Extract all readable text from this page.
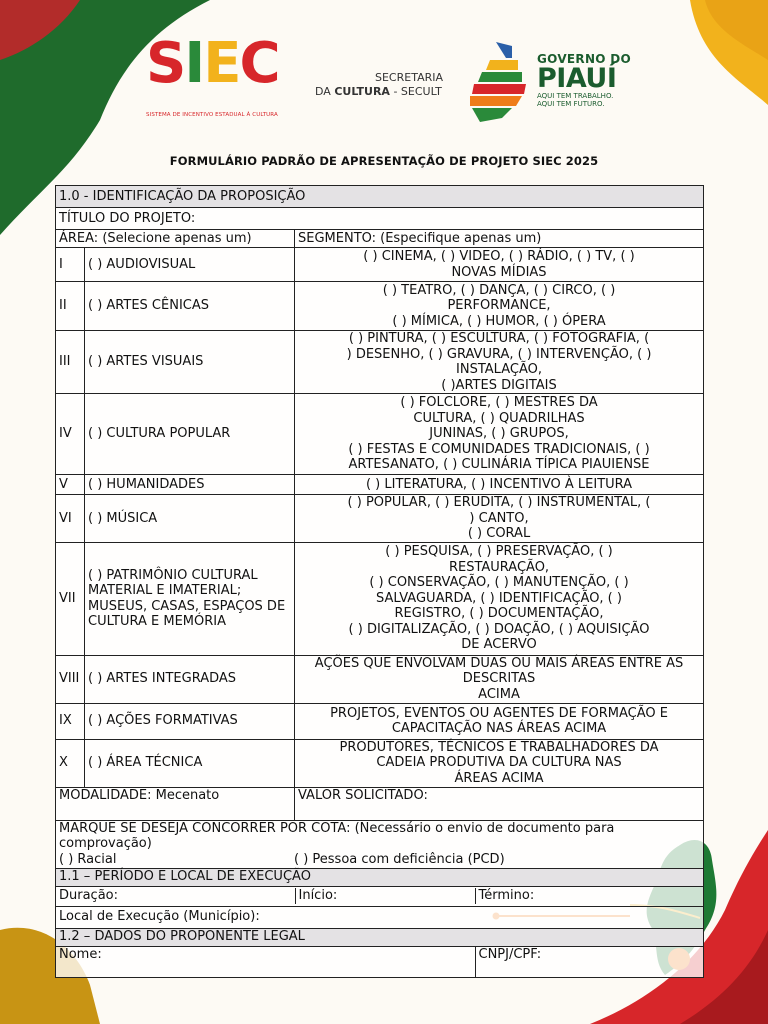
SIEC
SISTEMA DE INCENTIVO ESTADUAL À CULTURA
SECRETARIA
DA CULTURA - SECULT
GOVERNO DO
PIAUÍ
AQUI TEM TRABALHO.
AQUI TEM FUTURO.
FORMULÁRIO PADRÃO DE APRESENTAÇÃO DE PROJETO SIEC 2025
1.0 - IDENTIFICAÇÃO DA PROPOSIÇÃO
TÍTULO DO PROJETO:
ÁREA: (Selecione apenas um)	SEGMENTO: (Especifique apenas um)
I	( ) AUDIOVISUAL	
( ) CINEMA, ( ) VIDEO, ( ) RÁDIO, ( ) TV, ( )
NOVAS MÍDIAS

II	( ) ARTES CÊNICAS	
( ) TEATRO, ( ) DANÇA, ( ) CIRCO, ( )
PERFORMANCE,
( ) MÍMICA, ( ) HUMOR, ( ) ÓPERA

III	( ) ARTES VISUAIS	
( ) PINTURA, ( ) ESCULTURA, ( ) FOTOGRAFIA, (
) DESENHO, ( ) GRAVURA, ( ) INTERVENÇÃO, ( )
INSTALAÇÃO,
( )ARTES DIGITAIS

IV	( ) CULTURA POPULAR	
( ) FOLCLORE, ( ) MESTRES DA
CULTURA, ( ) QUADRILHAS
JUNINAS, ( ) GRUPOS,
( ) FESTAS E COMUNIDADES TRADICIONAIS, ( )
ARTESANATO, ( ) CULINÁRIA TÍPICA PIAUIENSE

V	( ) HUMANIDADES	( ) LITERATURA, ( ) INCENTIVO À LEITURA

VI	( ) MÚSICA	
( ) POPULAR, ( ) ERUDITA, ( ) INSTRUMENTAL, (
) CANTO,
( ) CORAL

VII	( ) PATRIMÔNIO CULTURAL MATERIAL E IMATERIAL; MUSEUS, CASAS, ESPAÇOS DE CULTURA E MEMÓRIA	
( ) PESQUISA, ( ) PRESERVAÇÃO, ( )
RESTAURAÇÃO,
( ) CONSERVAÇÃO, ( ) MANUTENÇÃO, ( )
SALVAGUARDA, ( ) IDENTIFICAÇÃO, ( )
REGISTRO, ( ) DOCUMENTAÇÃO,
( ) DIGITALIZAÇÃO, ( ) DOAÇÃO, ( ) AQUISIÇÃO
DE ACERVO

VIII	( ) ARTES INTEGRADAS	
AÇÕES QUE ENVOLVAM DUAS OU MAIS ÁREAS ENTRE AS
DESCRITAS
ACIMA

IX	( ) AÇÕES FORMATIVAS	
PROJETOS, EVENTOS OU AGENTES DE FORMAÇÃO E
CAPACITAÇÃO NAS ÁREAS ACIMA

X	( ) ÁREA TÉCNICA	
PRODUTORES, TÉCNICOS E TRABALHADORES DA
CADEIA PRODUTIVA DA CULTURA NAS
ÁREAS ACIMA

MODALIDADE: Mecenato	VALOR SOLICITADO:

MARQUE SE DESEJA CONCORRER POR COTA: (Necessário o envio de documento para comprovação)
( ) Racial	( ) Pessoa com deficiência (PCD)

1.1 – PERÍODO E LOCAL DE EXECUÇÃO

Duração:	Início:	Término:

Local de Execução (Município):
1.2 – DADOS DO PROPONENTE LEGAL

Nome:	CNPJ/CPF:
